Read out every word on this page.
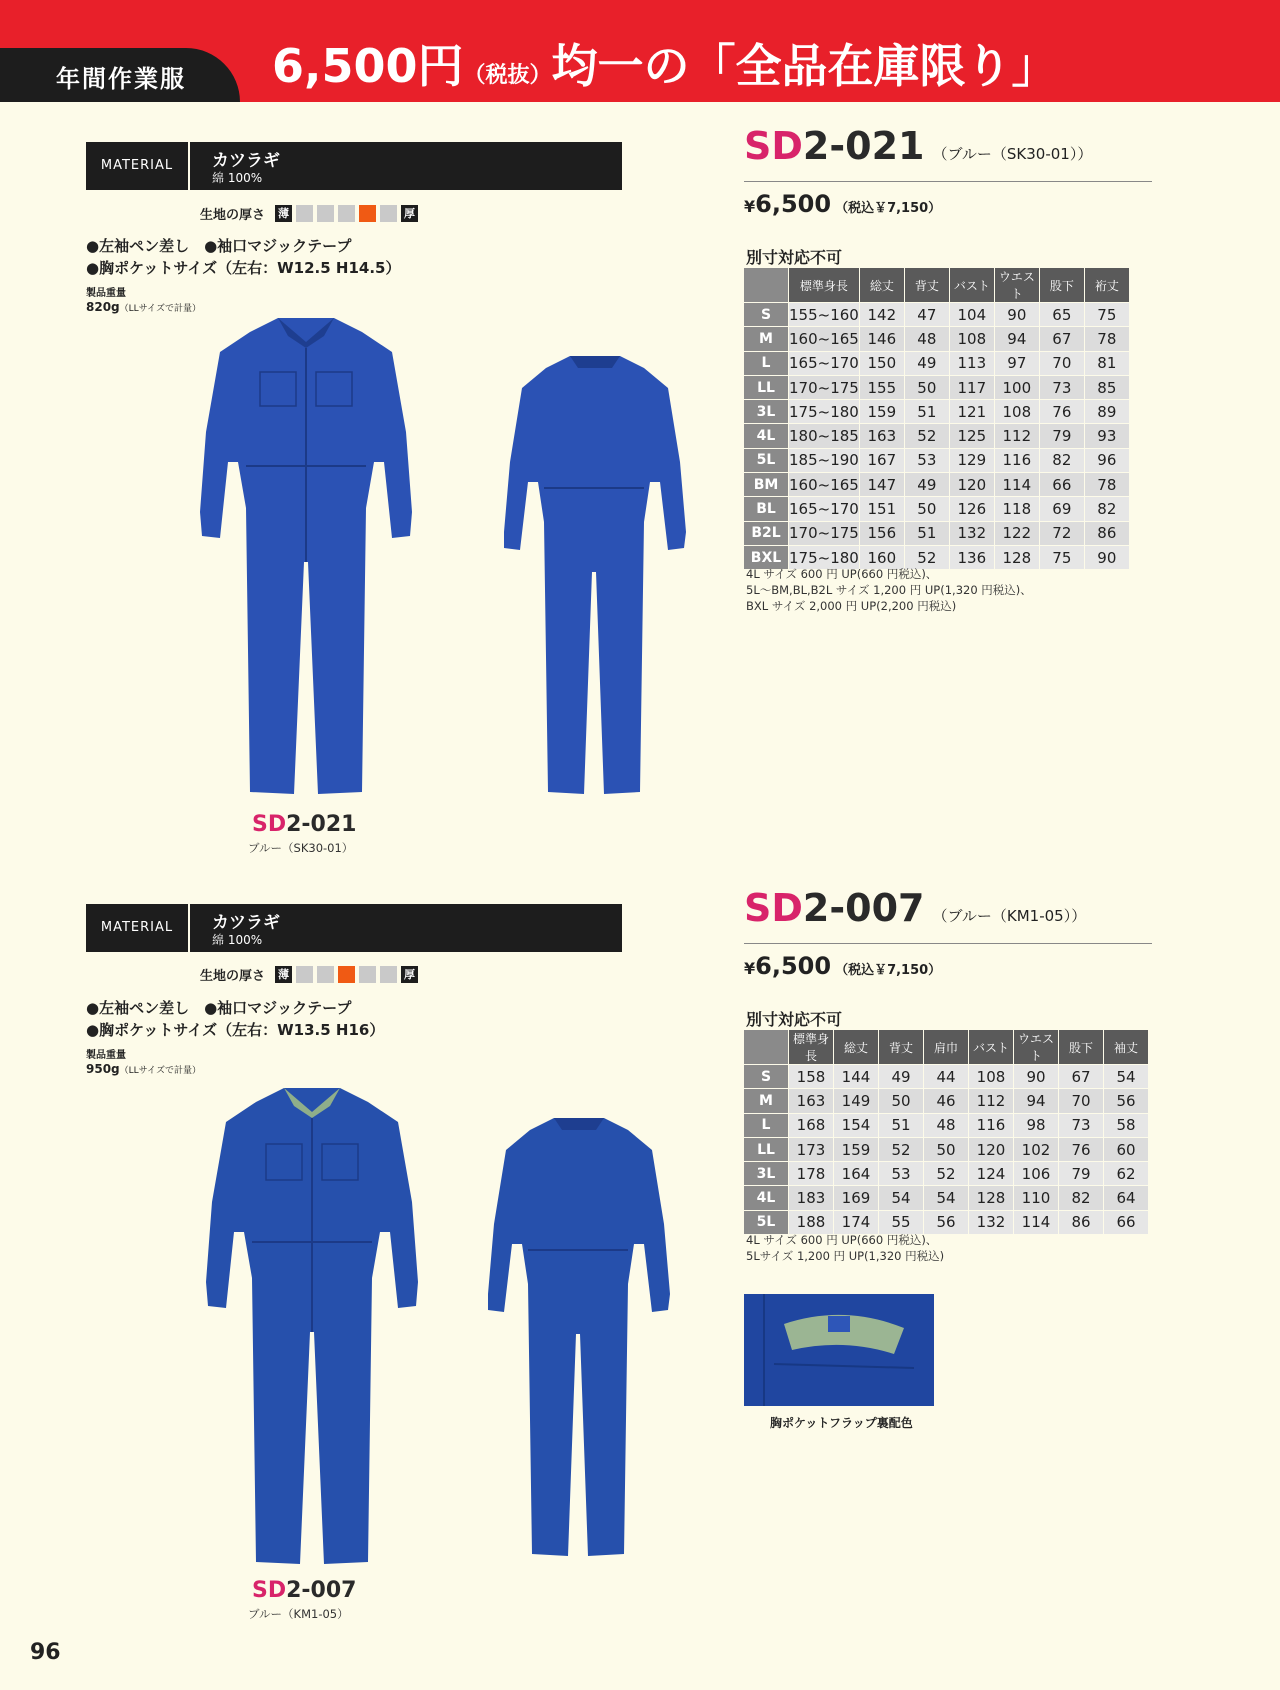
年間作業服 6,500円（税抜）均一の「全品在庫限り」
MATERIAL	カツラギ
綿 100%
生地の厚さ 薄	厚
●左袖ペン差し　●袖口マジックテープ
●胸ポケットサイズ（左右：W12.5 H14.5）
製品重量
820g（LLサイズで計量）
SD2-021 （ブルー（SK30-01））
¥6,500 （税込￥7,150）
別寸対応不可
	標準身長	総丈	背丈	バスト	ウエスト	股下	裄丈
S	155~160	142	47	104	90	65	75
M	160~165	146	48	108	94	67	78
L	165~170	150	49	113	97	70	81
LL	170~175	155	50	117	100	73	85
3L	175~180	159	51	121	108	76	89
4L	180~185	163	52	125	112	79	93
5L	185~190	167	53	129	116	82	96
BM	160~165	147	49	120	114	66	78
BL	165~170	151	50	126	118	69	82
B2L	170~175	156	51	132	122	72	86
BXL	175~180	160	52	136	128	75	90
4L サイズ 600 円 UP(660 円税込)、
5L～BM,BL,B2L サイズ 1,200 円 UP(1,320 円税込)、
BXL サイズ 2,000 円 UP(2,200 円税込)
SD2-021
ブルー（SK30-01）
MATERIAL	カツラギ
綿 100%
生地の厚さ 薄	厚
●左袖ペン差し　●袖口マジックテープ
●胸ポケットサイズ（左右：W13.5 H16）
製品重量
950g（LLサイズで計量）
SD2-007 （ブルー（KM1-05））
¥6,500 （税込￥7,150）
別寸対応不可
	標準身長	総丈	背丈	肩巾	バスト	ウエスト	股下	袖丈
S	158	144	49	44	108	90	67	54
M	163	149	50	46	112	94	70	56
L	168	154	51	48	116	98	73	58
LL	173	159	52	50	120	102	76	60
3L	178	164	53	52	124	106	79	62
4L	183	169	54	54	128	110	82	64
5L	188	174	55	56	132	114	86	66
4L サイズ 600 円 UP(660 円税込)、
5Lサイズ 1,200 円 UP(1,320 円税込)
SD2-007
ブルー（KM1-05）
胸ポケットフラップ裏配色
96
